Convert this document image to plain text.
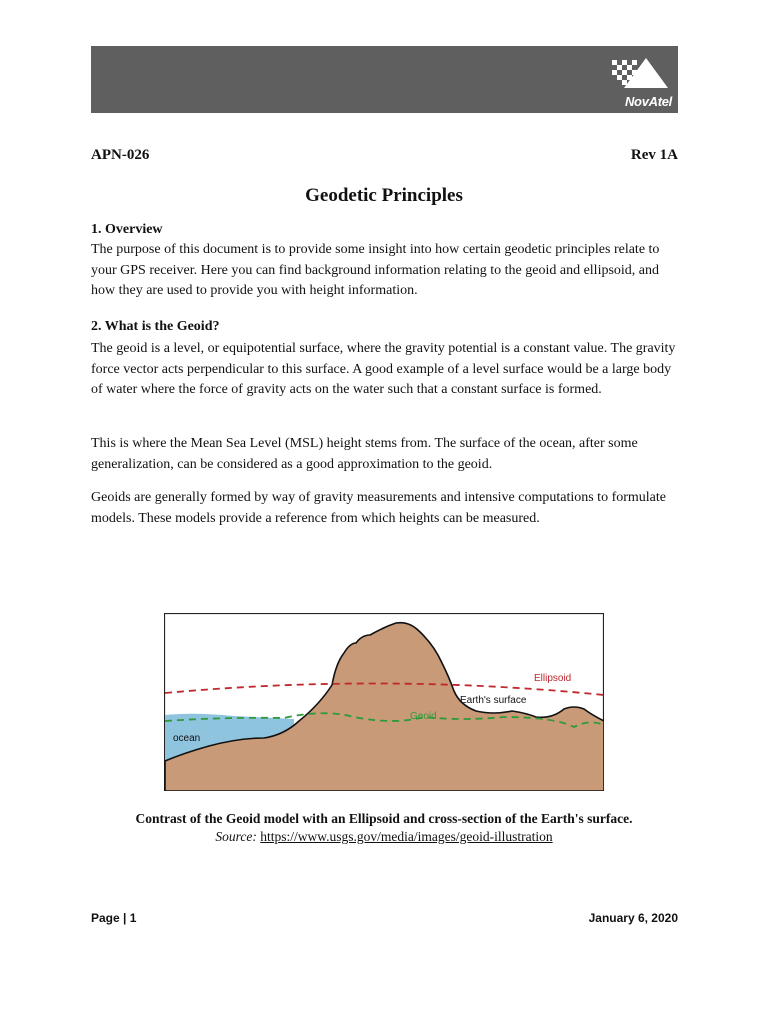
NovAtel
APN-026	Rev 1A
Geodetic Principles
1. Overview
The purpose of this document is to provide some insight into how certain geodetic principles relate to your GPS receiver. Here you can find background information relating to the geoid and ellipsoid, and how they are used to provide you with height information.
2. What is the Geoid?
The geoid is a level, or equipotential surface, where the gravity potential is a constant value. The gravity force vector acts perpendicular to this surface. A good example of a level surface would be a large body of water where the force of gravity acts on the water such that a constant surface is formed.
This is where the Mean Sea Level (MSL) height stems from. The surface of the ocean, after some generalization, can be considered as a good approximation to the geoid.
Geoids are generally formed by way of gravity measurements and intensive computations to formulate models. These models provide a reference from which heights can be measured.
ocean
Ellipsoid
Earth's surface
Geoid
Contrast of the Geoid model with an Ellipsoid and cross-section of the Earth's surface.
Source: https://www.usgs.gov/media/images/geoid-illustration
Page | 1	January 6, 2020
